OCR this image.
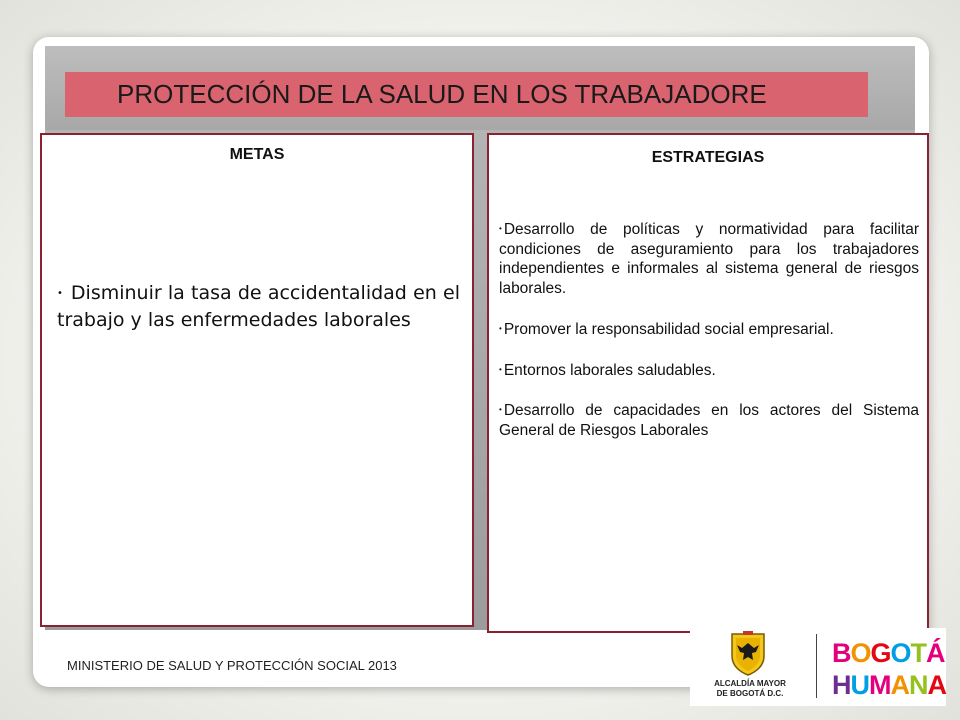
PROTECCIÓN DE LA SALUD EN LOS TRABAJADORE
METAS
• Disminuir la tasa de accidentalidad en el trabajo y las enfermedades laborales
ESTRATEGIAS
• Desarrollo de políticas y normatividad para facilitar condiciones de aseguramiento para los trabajadores independientes e informales al sistema general de riesgos laborales.
• Promover la responsabilidad social empresarial.
• Entornos laborales saludables.
• Desarrollo de capacidades en los actores del Sistema General de Riesgos Laborales
MINISTERIO DE SALUD Y PROTECCIÓN SOCIAL 2013
ALCALDÍA MAYOR
DE BOGOTÁ D.C.
BOGOTÁ
HUMANA
